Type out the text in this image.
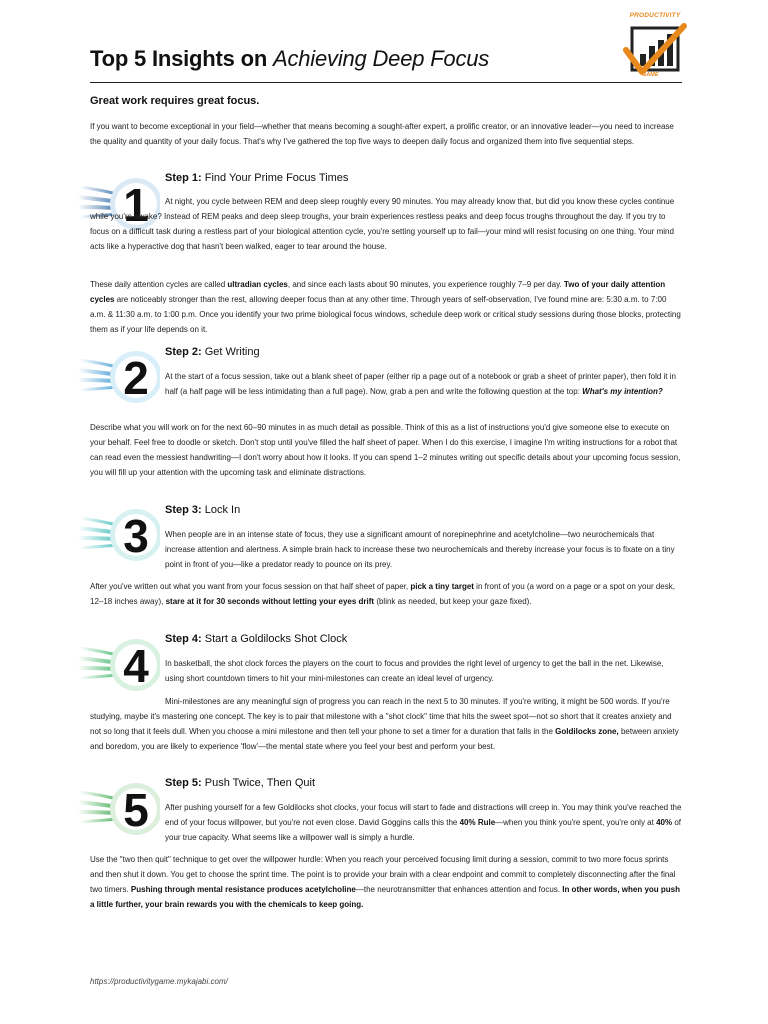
Top 5 Insights on Achieving Deep Focus
PRODUCTIVITY
GAME
Great work requires great focus.

If you want to become exceptional in your field—whether that means becoming a sought-after expert, a prolific creator, or an innovative leader—you need to increase the quality and quantity of your daily focus. That's why I've gathered the top five ways to deepen daily focus and organized them into five sequential steps.

1
Step 1: Find Your Prime Focus Times

At night, you cycle between REM and deep sleep roughly every 90 minutes. You may already know that, but did you know these cycles continue while you're awake? Instead of REM peaks and deep sleep troughs, your brain experiences restless peaks and deep focus troughs throughout the day. If you try to focus on a difficult task during a restless part of your biological attention cycle, you're setting yourself up to fail—your mind will resist focusing on one thing. Your mind acts like a hyperactive dog that hasn't been walked, eager to tear around the house.

These daily attention cycles are called ultradian cycles, and since each lasts about 90 minutes, you experience roughly 7–9 per day. Two of your daily attention cycles are noticeably stronger than the rest, allowing deeper focus than at any other time. Through years of self-observation, I've found mine are: 5:30 a.m. to 7:00 a.m. & 11:30 a.m. to 1:00 p.m. Once you identify your two prime biological focus windows, schedule deep work or critical study sessions during those blocks, protecting them as if your life depends on it.

2 Step 2: Get Writing

At the start of a focus session, take out a blank sheet of paper (either rip a page out of a notebook or grab a sheet of printer paper), then fold it in half (a half page will be less intimidating than a full page). Now, grab a pen and write the following question at the top: What's my intention?

Describe what you will work on for the next 60–90 minutes in as much detail as possible. Think of this as a list of instructions you'd give someone else to execute on your behalf. Feel free to doodle or sketch. Don't stop until you've filled the half sheet of paper. When I do this exercise, I imagine I'm writing instructions for a robot that can read even the messiest handwriting—I don't worry about how it looks. If you can spend 1–2 minutes writing out specific details about your upcoming focus session, you will fill up your attention with the upcoming task and eliminate distractions.

3 Step 3: Lock In

When people are in an intense state of focus, they use a significant amount of norepinephrine and acetylcholine—two neurochemicals that increase attention and alertness. A simple brain hack to increase these two neurochemicals and thereby increase your focus is to fixate on a tiny point in front of you—like a predator ready to pounce on its prey.

After you've written out what you want from your focus session on that half sheet of paper, pick a tiny target in front of you (a word on a page or a spot on your desk, 12–18 inches away), stare at it for 30 seconds without letting your eyes drift (blink as needed, but keep your gaze fixed).

4
Step 4: Start a Goldilocks Shot Clock

In basketball, the shot clock forces the players on the court to focus and provides the right level of urgency to get the ball in the net. Likewise, using short countdown timers to hit your mini-milestones can create an ideal level of urgency.

Mini-milestones are any meaningful sign of progress you can reach in the next 5 to 30 minutes. If you're writing, it might be 500 words. If you're studying, maybe it's mastering one concept. The key is to pair that milestone with a "shot clock" time that hits the sweet spot—not so short that it creates anxiety and not so long that it feels dull. When you choose a mini milestone and then tell your phone to set a timer for a duration that falls in the Goldilocks zone, between anxiety and boredom, you are likely to experience 'flow'—the mental state where you feel your best and perform your best.

5
Step 5: Push Twice, Then Quit

After pushing yourself for a few Goldilocks shot clocks, your focus will start to fade and distractions will creep in. You may think you've reached the end of your focus willpower, but you're not even close. David Goggins calls this the 40% Rule—when you think you're spent, you're only at 40% of your true capacity. What seems like a willpower wall is simply a hurdle.

Use the "two then quit" technique to get over the willpower hurdle: When you reach your perceived focusing limit during a session, commit to two more focus sprints and then shut it down. You get to choose the sprint time. The point is to provide your brain with a clear endpoint and commit to completely disconnecting after the final two timers. Pushing through mental resistance produces acetylcholine—the neurotransmitter that enhances attention and focus. In other words, when you push a little further, your brain rewards you with the chemicals to keep going.

https://productivitygame.mykajabi.com/
